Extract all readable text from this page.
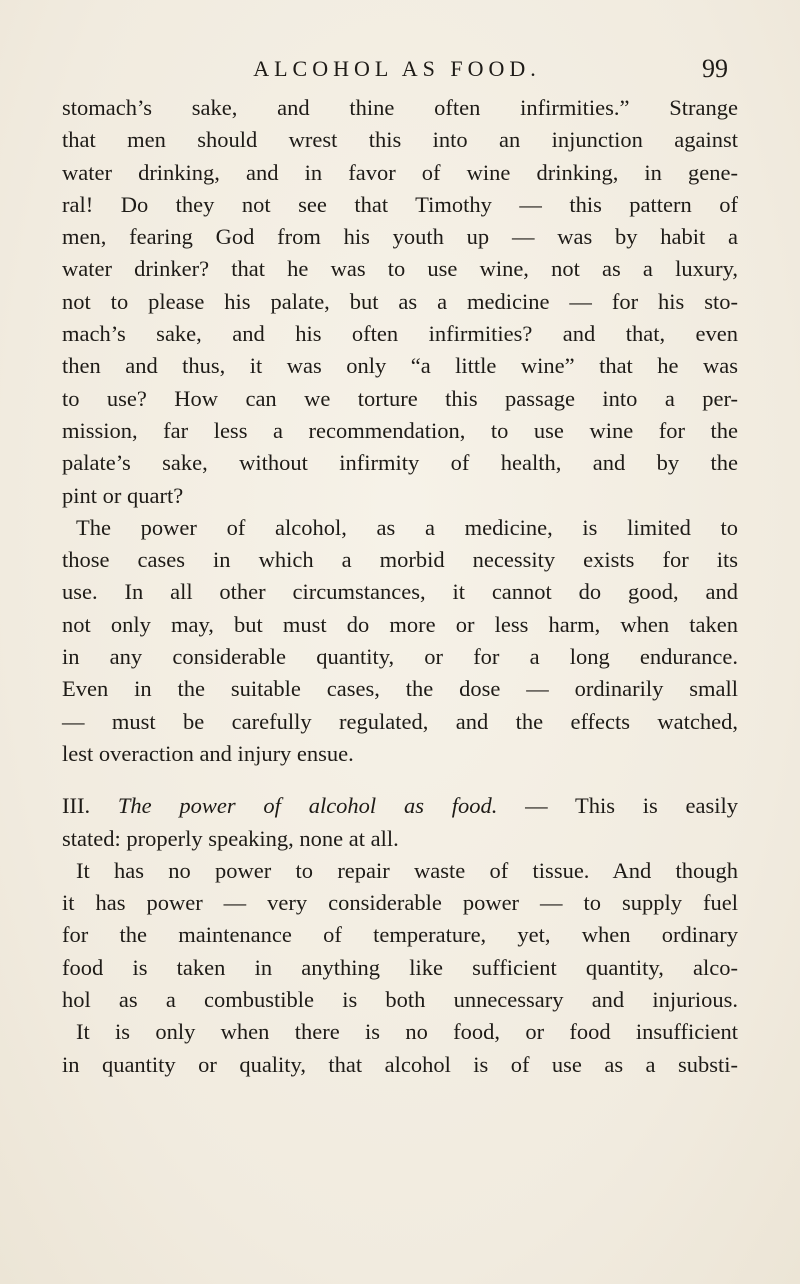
ALCOHOL AS FOOD.	99
stomach’s sake, and thine often infirmities.” Strange
that men should wrest this into an injunction against
water drinking, and in favor of wine drinking, in gene-
ral! Do they not see that Timothy — this pattern of
men, fearing God from his youth up — was by habit a
water drinker? that he was to use wine, not as a luxury,
not to please his palate, but as a medicine — for his sto-
mach’s sake, and his often infirmities? and that, even
then and thus, it was only “a little wine” that he was
to use? How can we torture this passage into a per-
mission, far less a recommendation, to use wine for the
palate’s sake, without infirmity of health, and by the
pint or quart?
The power of alcohol, as a medicine, is limited to
those cases in which a morbid necessity exists for its
use. In all other circumstances, it cannot do good, and
not only may, but must do more or less harm, when taken
in any considerable quantity, or for a long endurance.
Even in the suitable cases, the dose — ordinarily small
— must be carefully regulated, and the effects watched,
lest overaction and injury ensue.
III. The power of alcohol as food. — This is easily
stated: properly speaking, none at all.
It has no power to repair waste of tissue. And though
it has power — very considerable power — to supply fuel
for the maintenance of temperature, yet, when ordinary
food is taken in anything like sufficient quantity, alco-
hol as a combustible is both unnecessary and injurious.
It is only when there is no food, or food insufficient
in quantity or quality, that alcohol is of use as a substi-
